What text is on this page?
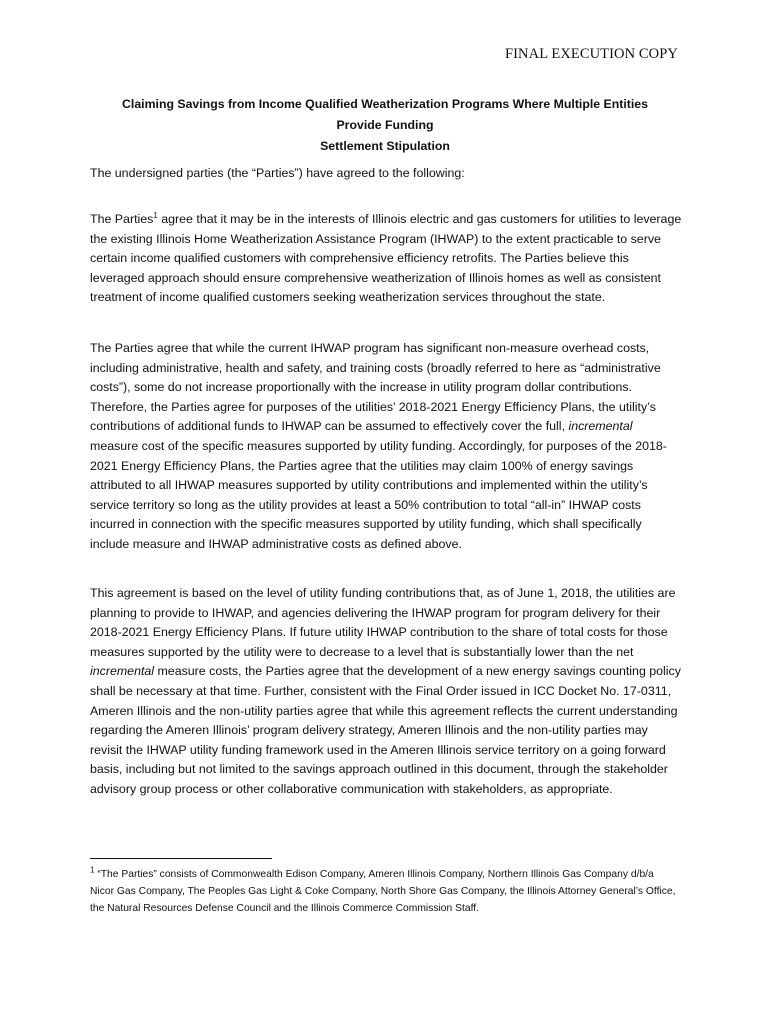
FINAL EXECUTION COPY
Claiming Savings from Income Qualified Weatherization Programs Where Multiple Entities
Provide Funding
Settlement Stipulation

The undersigned parties (the “Parties”) have agreed to the following:

The Parties$^1$ agree that it may be in the interests of Illinois electric and gas customers for utilities to leverage the existing Illinois Home Weatherization Assistance Program (IHWAP) to the extent practicable to serve certain income qualified customers with comprehensive efficiency retrofits. The Parties believe this leveraged approach should ensure comprehensive weatherization of Illinois homes as well as consistent treatment of income qualified customers seeking weatherization services throughout the state.

The Parties agree that while the current IHWAP program has significant non-measure overhead costs, including administrative, health and safety, and training costs (broadly referred to here as “administrative costs”), some do not increase proportionally with the increase in utility program dollar contributions. Therefore, the Parties agree for purposes of the utilities’ 2018-2021 Energy Efficiency Plans, the utility’s contributions of additional funds to IHWAP can be assumed to effectively cover the full, incremental measure cost of the specific measures supported by utility funding. Accordingly, for purposes of the 2018-2021 Energy Efficiency Plans, the Parties agree that the utilities may claim 100% of energy savings attributed to all IHWAP measures supported by utility contributions and implemented within the utility’s service territory so long as the utility provides at least a 50% contribution to total “all-in” IHWAP costs incurred in connection with the specific measures supported by utility funding, which shall specifically include measure and IHWAP administrative costs as defined above.

This agreement is based on the level of utility funding contributions that, as of June 1, 2018, the utilities are planning to provide to IHWAP, and agencies delivering the IHWAP program for program delivery for their 2018-2021 Energy Efficiency Plans. If future utility IHWAP contribution to the share of total costs for those measures supported by the utility were to decrease to a level that is substantially lower than the net incremental measure costs, the Parties agree that the development of a new energy savings counting policy shall be necessary at that time. Further, consistent with the Final Order issued in ICC Docket No. 17-0311, Ameren Illinois and the non-utility parties agree that while this agreement reflects the current understanding regarding the Ameren Illinois’ program delivery strategy, Ameren Illinois and the non-utility parties may revisit the IHWAP utility funding framework used in the Ameren Illinois service territory on a going forward basis, including but not limited to the savings approach outlined in this document, through the stakeholder advisory group process or other collaborative communication with stakeholders, as appropriate.

$^1$ “The Parties” consists of Commonwealth Edison Company, Ameren Illinois Company, Northern Illinois Gas Company d/b/a Nicor Gas Company, The Peoples Gas Light & Coke Company, North Shore Gas Company, the Illinois Attorney General’s Office, the Natural Resources Defense Council and the Illinois Commerce Commission Staff.
